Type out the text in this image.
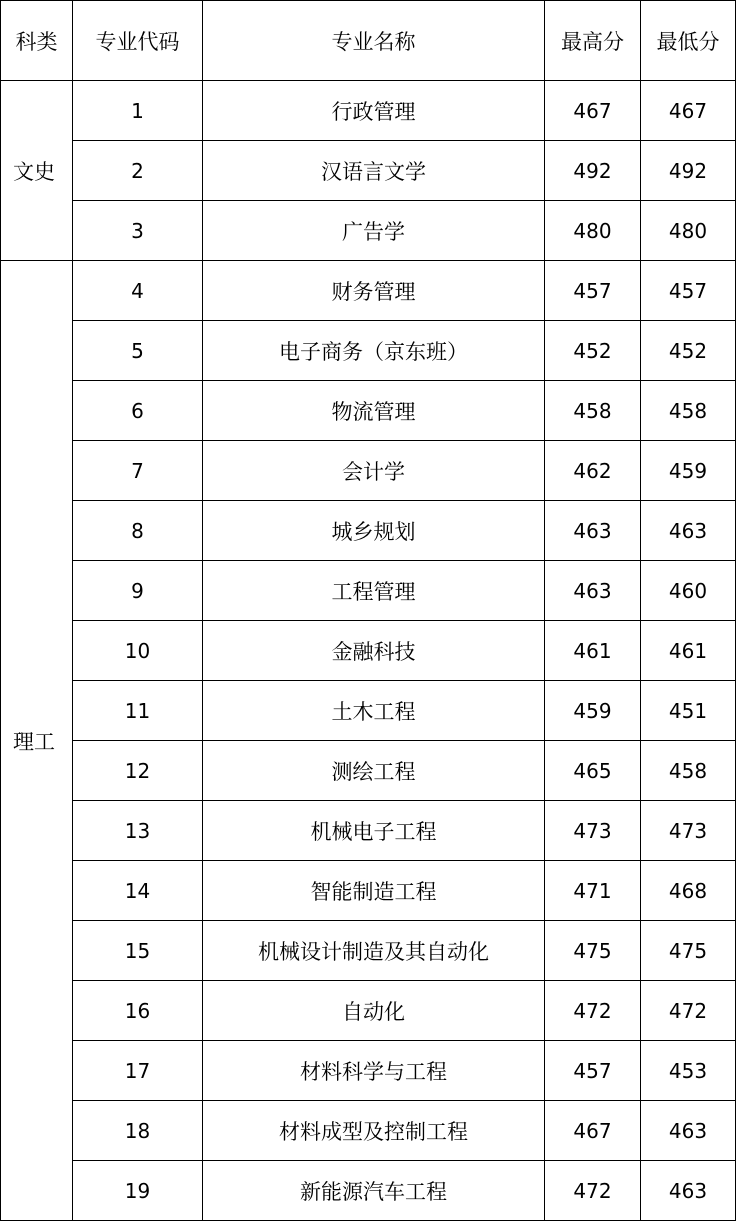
科类	专业代码	专业名称	最高分	最低分
文史	1	行政管理	467	467
	2	汉语言文学	492	492
	3	广告学	480	480
理工	4	财务管理	457	457
	5	电子商务（京东班）	452	452
	6	物流管理	458	458
	7	会计学	462	459
	8	城乡规划	463	463
	9	工程管理	463	460
	10	金融科技	461	461
	11	土木工程	459	451
	12	测绘工程	465	458
	13	机械电子工程	473	473
	14	智能制造工程	471	468
	15	机械设计制造及其自动化	475	475
	16	自动化	472	472
	17	材料科学与工程	457	453
	18	材料成型及控制工程	467	463
	19	新能源汽车工程	472	463
